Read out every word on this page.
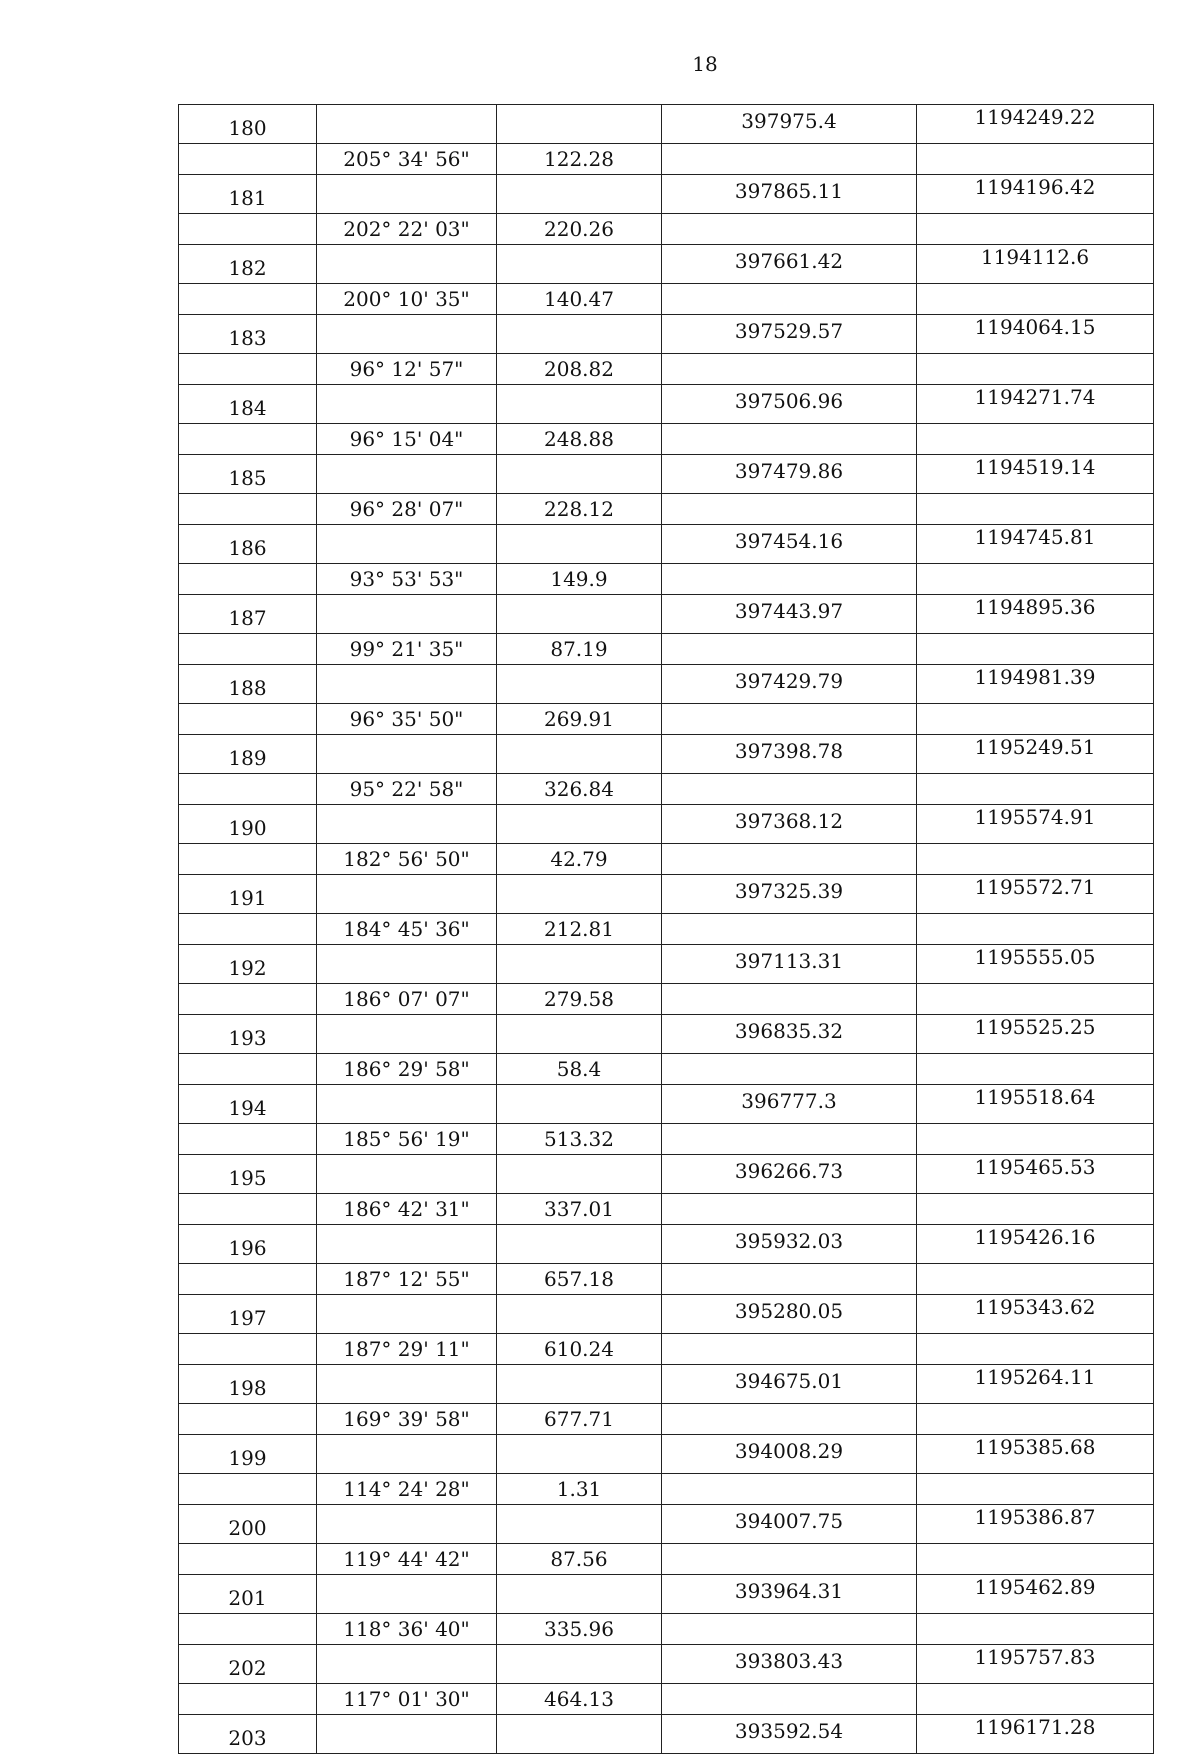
18
180			397975.4	1194249.22
	205° 34' 56"	122.28		
181			397865.11	1194196.42
	202° 22' 03"	220.26		
182			397661.42	1194112.6
	200° 10' 35"	140.47		
183			397529.57	1194064.15
	96° 12' 57"	208.82		
184			397506.96	1194271.74
	96° 15' 04"	248.88		
185			397479.86	1194519.14
	96° 28' 07"	228.12		
186			397454.16	1194745.81
	93° 53' 53"	149.9		
187			397443.97	1194895.36
	99° 21' 35"	87.19		
188			397429.79	1194981.39
	96° 35' 50"	269.91		
189			397398.78	1195249.51
	95° 22' 58"	326.84		
190			397368.12	1195574.91
	182° 56' 50"	42.79		
191			397325.39	1195572.71
	184° 45' 36"	212.81		
192			397113.31	1195555.05
	186° 07' 07"	279.58		
193			396835.32	1195525.25
	186° 29' 58"	58.4		
194			396777.3	1195518.64
	185° 56' 19"	513.32		
195			396266.73	1195465.53
	186° 42' 31"	337.01		
196			395932.03	1195426.16
	187° 12' 55"	657.18		
197			395280.05	1195343.62
	187° 29' 11"	610.24		
198			394675.01	1195264.11
	169° 39' 58"	677.71		
199			394008.29	1195385.68
	114° 24' 28"	1.31		
200			394007.75	1195386.87
	119° 44' 42"	87.56		
201			393964.31	1195462.89
	118° 36' 40"	335.96		
202			393803.43	1195757.83
	117° 01' 30"	464.13		
203			393592.54	1196171.28
